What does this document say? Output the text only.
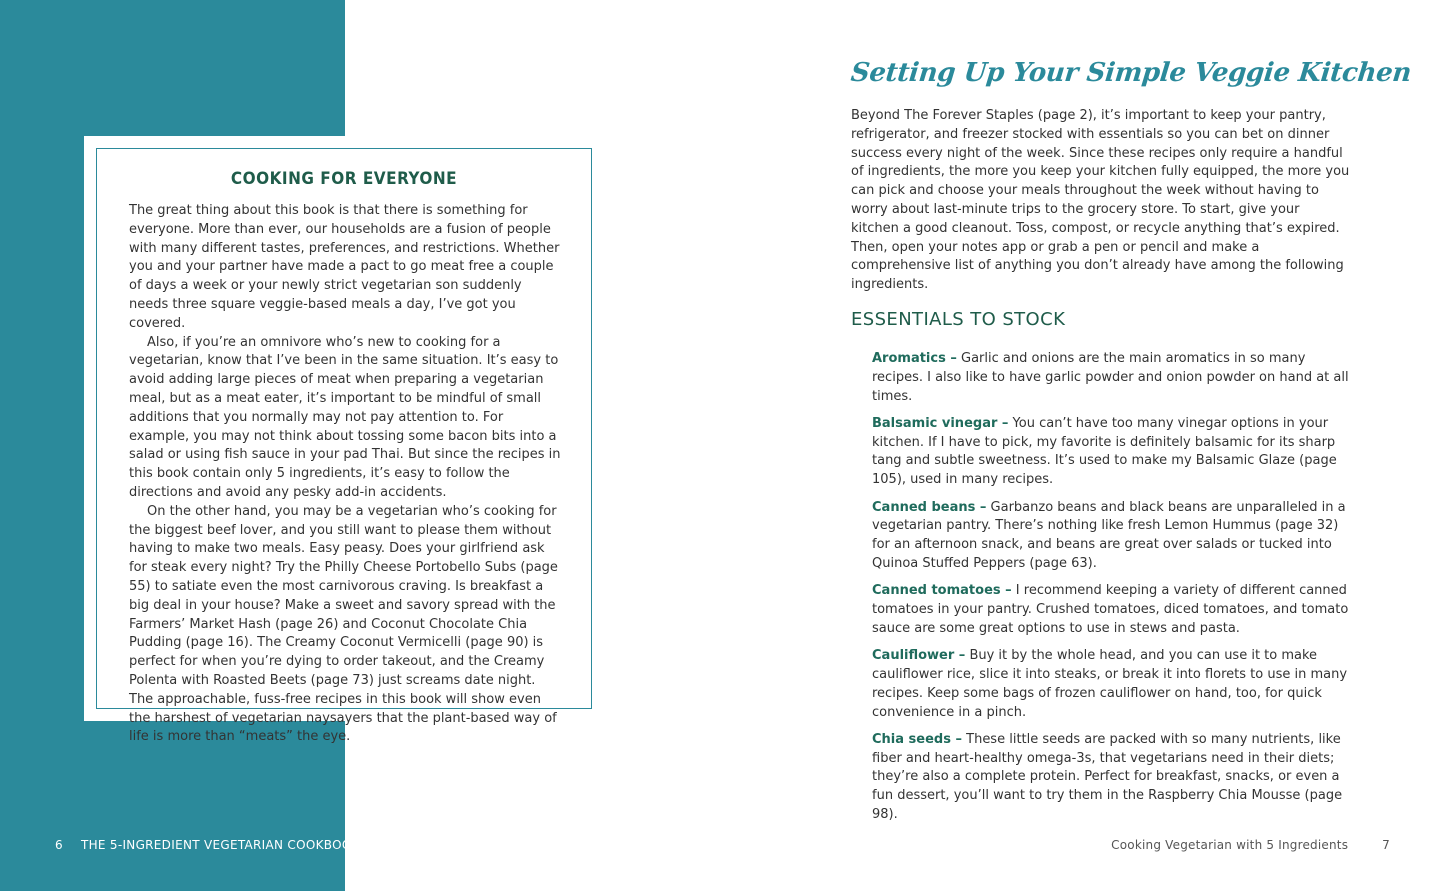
COOKING FOR EVERYONE

The great thing about this book is that there is something for everyone. More than ever, our households are a fusion of people with many different tastes, preferences, and restrictions. Whether you and your partner have made a pact to go meat free a couple of days a week or your newly strict vegetarian son suddenly needs three square veggie-based meals a day, I’ve got you covered.

Also, if you’re an omnivore who’s new to cooking for a vegetarian, know that I’ve been in the same situation. It’s easy to avoid adding large pieces of meat when preparing a vegetarian meal, but as a meat eater, it’s important to be mindful of small additions that you normally may not pay attention to. For example, you may not think about tossing some bacon bits into a salad or using fish sauce in your pad Thai. But since the recipes in this book contain only 5 ingredients, it’s easy to follow the directions and avoid any pesky add-in accidents.

On the other hand, you may be a vegetarian who’s cooking for the biggest beef lover, and you still want to please them without having to make two meals. Easy peasy. Does your girlfriend ask for steak every night? Try the Philly Cheese Portobello Subs (page 55) to satiate even the most carnivorous craving. Is breakfast a big deal in your house? Make a sweet and savory spread with the Farmers’ Market Hash (page 26) and Coconut Chocolate Chia Pudding (page 16). The Creamy Coconut Vermicelli (page 90) is perfect for when you’re dying to order takeout, and the Creamy Polenta with Roasted Beets (page 73) just screams date night. The approachable, fuss-free recipes in this book will show even the harshest of vegetarian naysayers that the plant-based way of life is more than “meats” the eye.

Setting Up Your Simple Veggie Kitchen

Beyond The Forever Staples (page 2), it’s important to keep your pantry, refrigerator, and freezer stocked with essentials so you can bet on dinner success every night of the week. Since these recipes only require a handful of ingredients, the more you keep your kitchen fully equipped, the more you can pick and choose your meals throughout the week without having to worry about last-minute trips to the grocery store. To start, give your kitchen a good cleanout. Toss, compost, or recycle anything that’s expired. Then, open your notes app or grab a pen or pencil and make a comprehensive list of anything you don’t already have among the following ingredients.

ESSENTIALS TO STOCK

Aromatics – Garlic and onions are the main aromatics in so many recipes. I also like to have garlic powder and onion powder on hand at all times.

Balsamic vinegar – You can’t have too many vinegar options in your kitchen. If I have to pick, my favorite is definitely balsamic for its sharp tang and subtle sweetness. It’s used to make my Balsamic Glaze (page 105), used in many recipes.

Canned beans – Garbanzo beans and black beans are unparalleled in a vegetarian pantry. There’s nothing like fresh Lemon Hummus (page 32) for an afternoon snack, and beans are great over salads or tucked into Quinoa Stuffed Peppers (page 63).

Canned tomatoes – I recommend keeping a variety of different canned tomatoes in your pantry. Crushed tomatoes, diced tomatoes, and tomato sauce are some great options to use in stews and pasta.

Cauliflower – Buy it by the whole head, and you can use it to make cauliflower rice, slice it into steaks, or break it into florets to use in many recipes. Keep some bags of frozen cauliflower on hand, too, for quick convenience in a pinch.

Chia seeds – These little seeds are packed with so many nutrients, like fiber and heart-healthy omega-3s, that vegetarians need in their diets; they’re also a complete protein. Perfect for breakfast, snacks, or even a fun dessert, you’ll want to try them in the Raspberry Chia Mousse (page 98).

6 THE 5-INGREDIENT VEGETARIAN COOKBOOK	Cooking Vegetarian with 5 Ingredients	7
